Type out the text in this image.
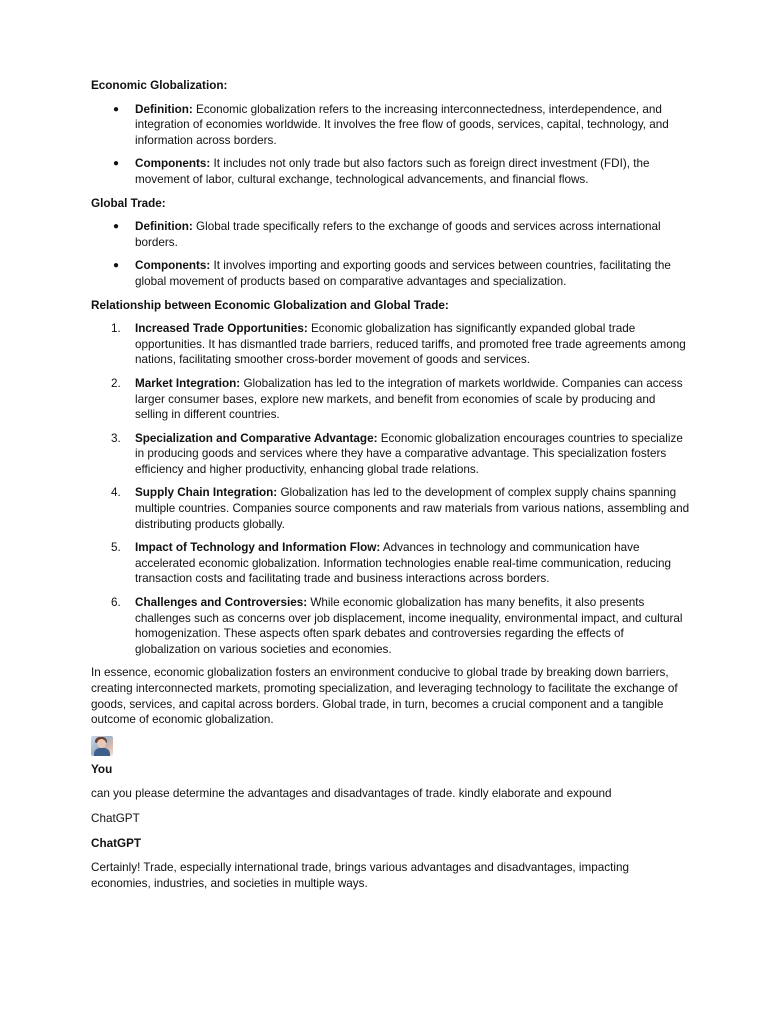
Economic Globalization:
● Definition: Economic globalization refers to the increasing interconnectedness, interdependence, and integration of economies worldwide. It involves the free flow of goods, services, capital, technology, and information across borders.
● Components: It includes not only trade but also factors such as foreign direct investment (FDI), the movement of labor, cultural exchange, technological advancements, and financial flows.
Global Trade:
● Definition: Global trade specifically refers to the exchange of goods and services across international borders.
● Components: It involves importing and exporting goods and services between countries, facilitating the global movement of products based on comparative advantages and specialization.
Relationship between Economic Globalization and Global Trade:
1. Increased Trade Opportunities: Economic globalization has significantly expanded global trade opportunities. It has dismantled trade barriers, reduced tariffs, and promoted free trade agreements among nations, facilitating smoother cross-border movement of goods and services.
2. Market Integration: Globalization has led to the integration of markets worldwide. Companies can access larger consumer bases, explore new markets, and benefit from economies of scale by producing and selling in different countries.
3. Specialization and Comparative Advantage: Economic globalization encourages countries to specialize in producing goods and services where they have a comparative advantage. This specialization fosters efficiency and higher productivity, enhancing global trade relations.
4. Supply Chain Integration: Globalization has led to the development of complex supply chains spanning multiple countries. Companies source components and raw materials from various nations, assembling and distributing products globally.
5. Impact of Technology and Information Flow: Advances in technology and communication have accelerated economic globalization. Information technologies enable real-time communication, reducing transaction costs and facilitating trade and business interactions across borders.
6. Challenges and Controversies: While economic globalization has many benefits, it also presents challenges such as concerns over job displacement, income inequality, environmental impact, and cultural homogenization. These aspects often spark debates and controversies regarding the effects of globalization on various societies and economies.

In essence, economic globalization fosters an environment conducive to global trade by breaking down barriers, creating interconnected markets, promoting specialization, and leveraging technology to facilitate the exchange of goods, services, and capital across borders. Global trade, in turn, becomes a crucial component and a tangible outcome of economic globalization.

You
can you please determine the advantages and disadvantages of trade. kindly elaborate and expound
ChatGPT
ChatGPT
Certainly! Trade, especially international trade, brings various advantages and disadvantages, impacting economies, industries, and societies in multiple ways.
